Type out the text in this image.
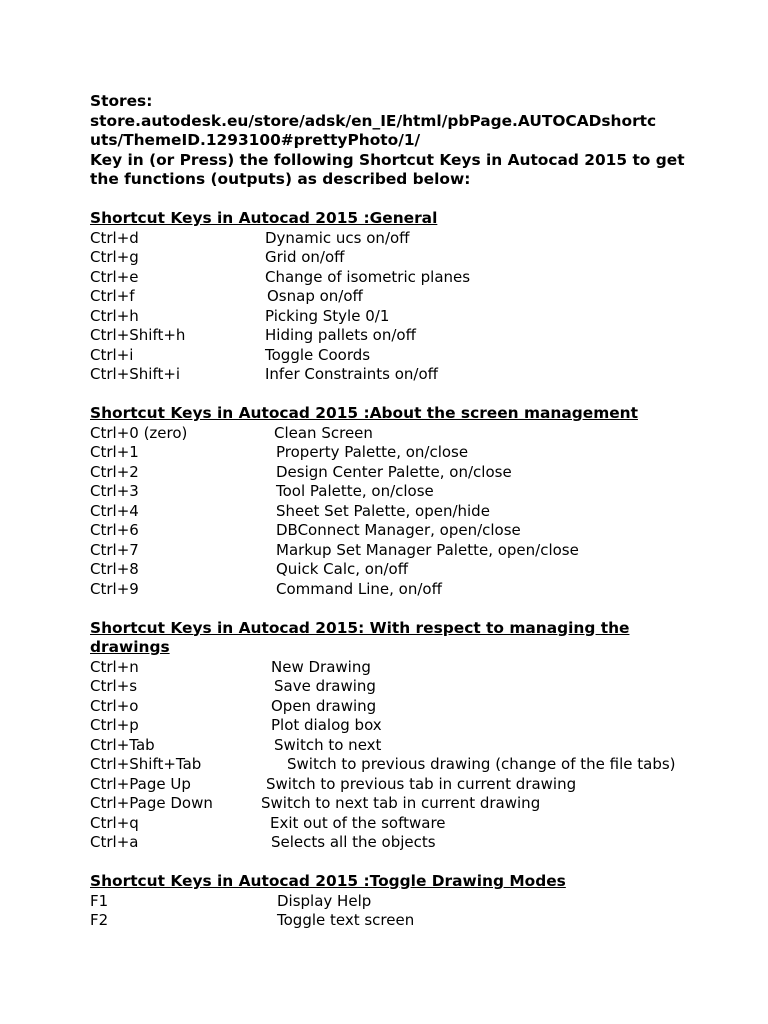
Stores:
store.autodesk.eu/store/adsk/en_IE/html/pbPage.AUTOCADshortc
uts/ThemeID.1293100#prettyPhoto/1/
Key in (or Press) the following Shortcut Keys in Autocad 2015 to get
the functions (outputs) as described below:
Shortcut Keys in Autocad 2015 :General
Ctrl+d	Dynamic ucs on/off
Ctrl+g	Grid on/off
Ctrl+e	Change of isometric planes
Ctrl+f	Osnap on/off
Ctrl+h	Picking Style 0/1
Ctrl+Shift+h	Hiding pallets on/off
Ctrl+i	Toggle Coords
Ctrl+Shift+i	Infer Constraints on/off
Shortcut Keys in Autocad 2015 :About the screen management
Ctrl+0 (zero)	Clean Screen
Ctrl+1	Property Palette, on/close
Ctrl+2	Design Center Palette, on/close
Ctrl+3	Tool Palette, on/close
Ctrl+4	Sheet Set Palette, open/hide
Ctrl+6	DBConnect Manager, open/close
Ctrl+7	Markup Set Manager Palette, open/close
Ctrl+8	Quick Calc, on/off
Ctrl+9	Command Line, on/off
Shortcut Keys in Autocad 2015: With respect to managing the
drawings
Ctrl+n	New Drawing
Ctrl+s	Save drawing
Ctrl+o	Open drawing
Ctrl+p	Plot dialog box
Ctrl+Tab	Switch to next
Ctrl+Shift+Tab	Switch to previous drawing (change of the file tabs)
Ctrl+Page Up	Switch to previous tab in current drawing
Ctrl+Page Down	Switch to next tab in current drawing
Ctrl+q	Exit out of the software
Ctrl+a	Selects all the objects
Shortcut Keys in Autocad 2015 :Toggle Drawing Modes
F1	Display Help
F2	Toggle text screen
